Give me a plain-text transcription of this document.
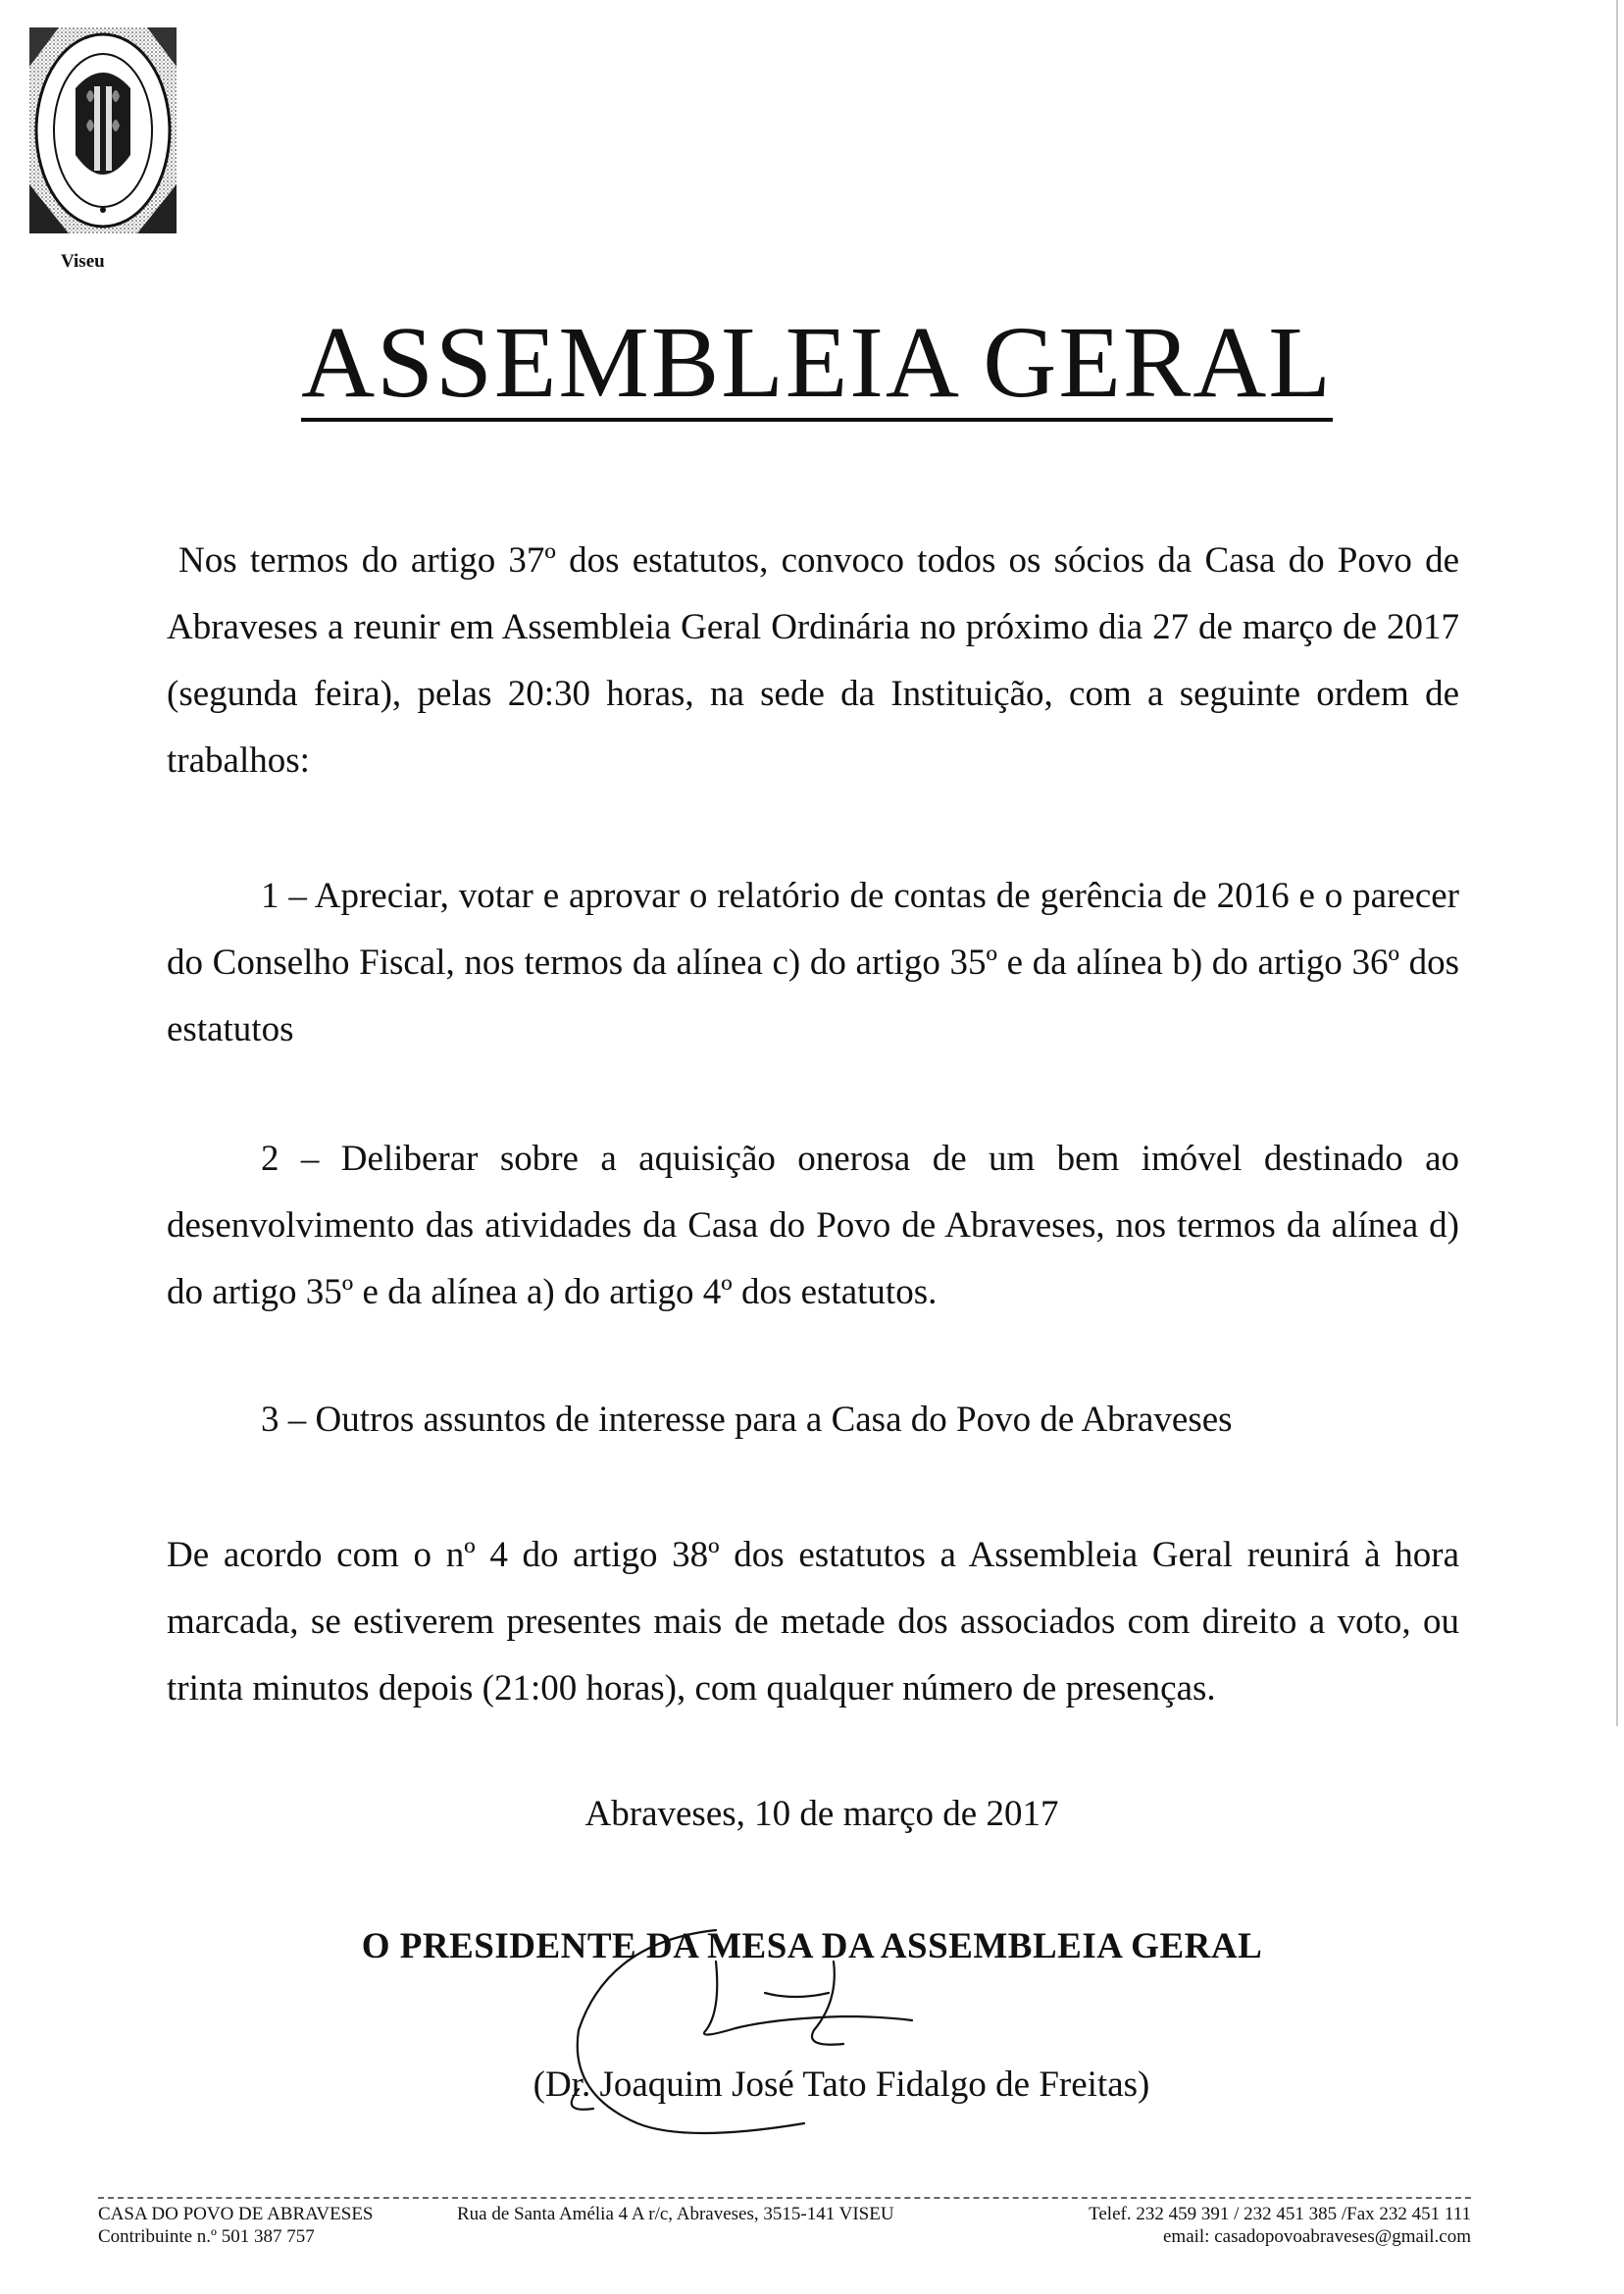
Viseu
ASSEMBLEIA GERAL
Nos termos do artigo 37º dos estatutos, convoco todos os sócios da Casa do Povo de Abraveses a reunir em Assembleia Geral Ordinária no próximo dia 27 de março de 2017 (segunda feira), pelas 20:30 horas, na sede da Instituição, com a seguinte ordem de trabalhos:
1 – Apreciar, votar e aprovar o relatório de contas de gerência de 2016 e o parecer do Conselho Fiscal, nos termos da alínea c) do artigo 35º e da alínea b) do artigo 36º dos estatutos
2 – Deliberar sobre a aquisição onerosa de um bem imóvel destinado ao desenvolvimento das atividades da Casa do Povo de Abraveses, nos termos da alínea d) do artigo 35º e da alínea a) do artigo 4º dos estatutos.
3 – Outros assuntos de interesse para a Casa do Povo de Abraveses
De acordo com o nº 4 do artigo 38º dos estatutos a Assembleia Geral reunirá à hora marcada, se estiverem presentes mais de metade dos associados com direito a voto, ou trinta minutos depois (21:00 horas), com qualquer número de presenças.
Abraveses, 10 de março de 2017
O PRESIDENTE DA MESA DA ASSEMBLEIA GERAL
(Dr. Joaquim José Tato Fidalgo de Freitas)
CASA DO POVO DE ABRAVESES
Contribuinte n.º 501 387 757
Rua de Santa Amélia 4 A r/c, Abraveses, 3515-141 VISEU	Telef. 232 459 391 / 232 451 385 /Fax 232 451 111
email: casadopovoabraveses@gmail.com
